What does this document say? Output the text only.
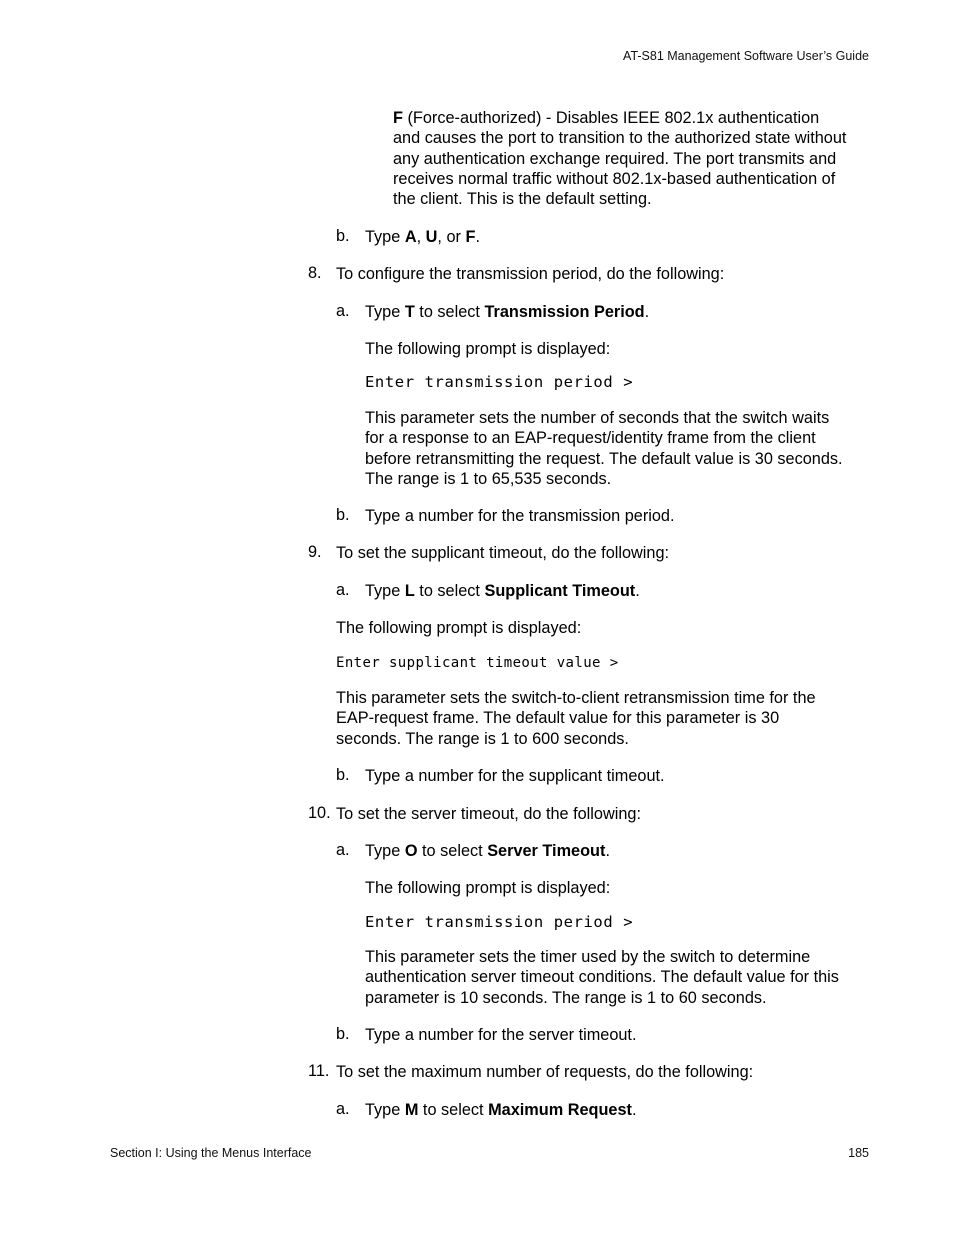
AT-S81 Management Software User’s Guide
F (Force-authorized) - Disables IEEE 802.1x authentication
and causes the port to transition to the authorized state without
any authentication exchange required. The port transmits and
receives normal traffic without 802.1x-based authentication of
the client. This is the default setting.
b. Type A, U, or F.
8. To configure the transmission period, do the following:
a. Type T to select Transmission Period.
The following prompt is displayed:
Enter transmission period >
This parameter sets the number of seconds that the switch waits
for a response to an EAP-request/identity frame from the client
before retransmitting the request. The default value is 30 seconds.
The range is 1 to 65,535 seconds.
b. Type a number for the transmission period.
9. To set the supplicant timeout, do the following:
a. Type L to select Supplicant Timeout.
The following prompt is displayed:
Enter supplicant timeout value >
This parameter sets the switch-to-client retransmission time for the
EAP-request frame. The default value for this parameter is 30
seconds. The range is 1 to 600 seconds.
b. Type a number for the supplicant timeout.
10. To set the server timeout, do the following:
a. Type O to select Server Timeout.
The following prompt is displayed:
Enter transmission period >
This parameter sets the timer used by the switch to determine
authentication server timeout conditions. The default value for this
parameter is 10 seconds. The range is 1 to 60 seconds.
b. Type a number for the server timeout.
11. To set the maximum number of requests, do the following:
a. Type M to select Maximum Request.
Section I: Using the Menus Interface	185
